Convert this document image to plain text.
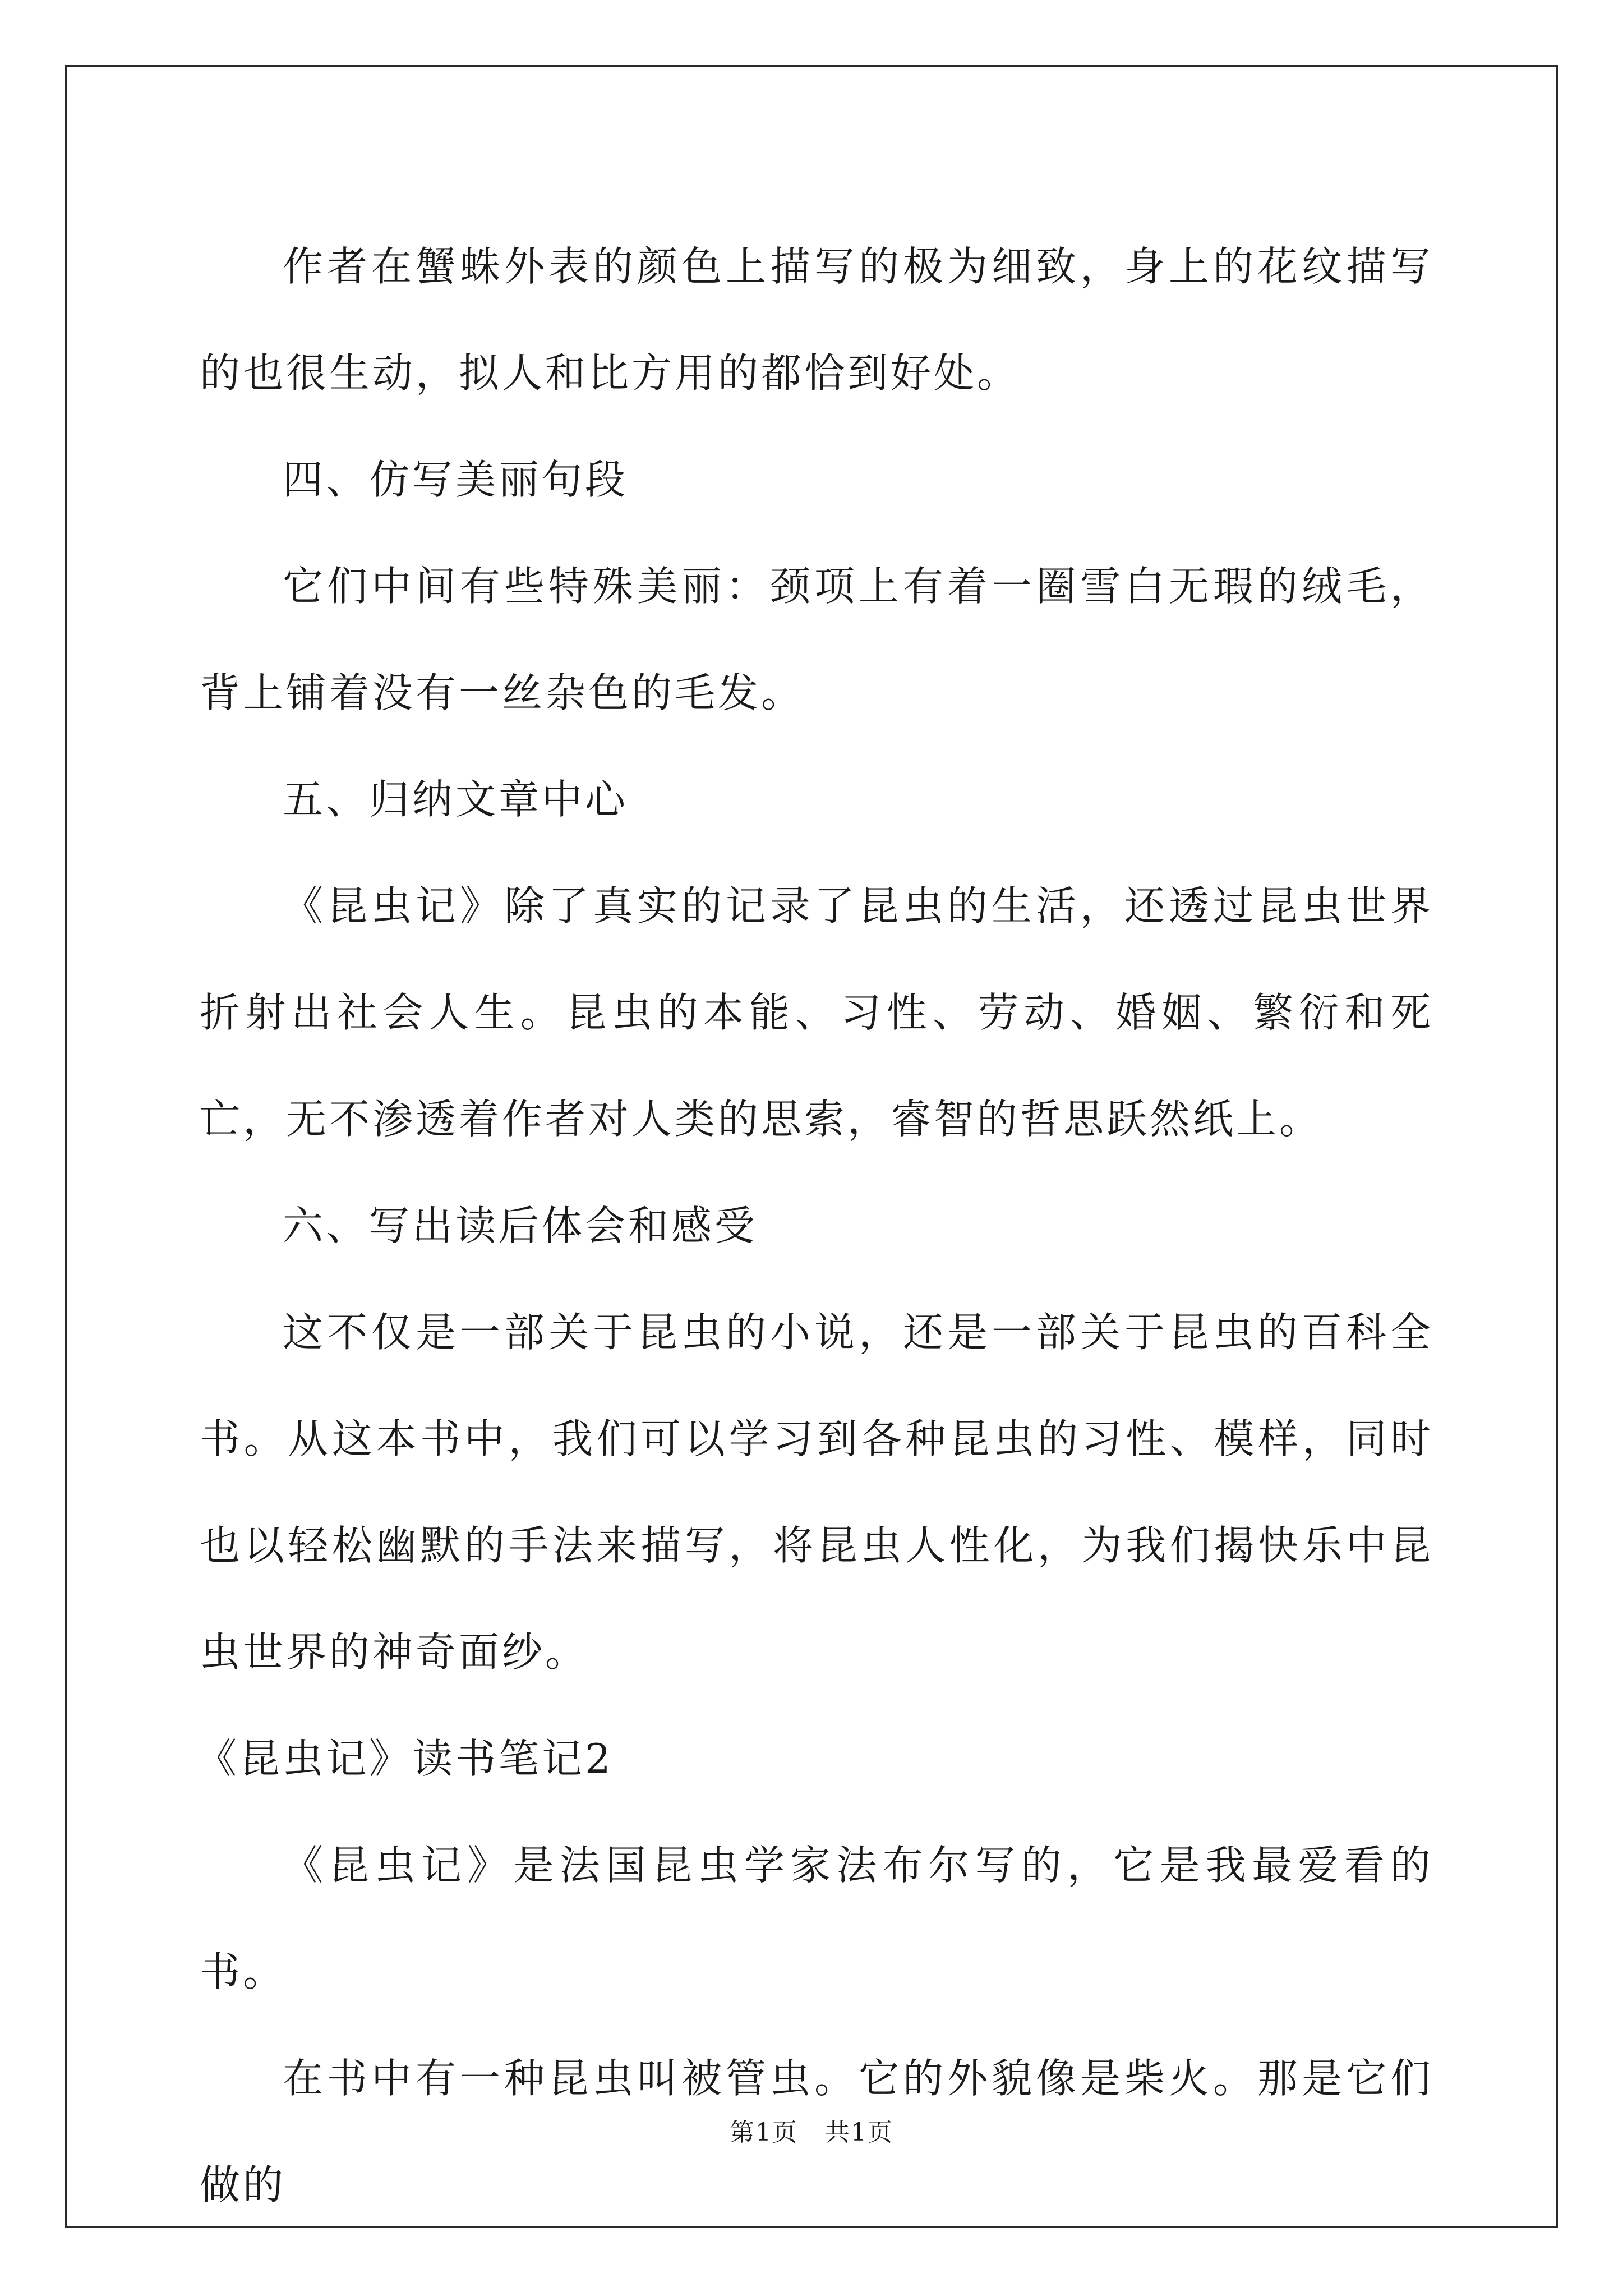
作者在蟹蛛外表的颜色上描写的极为细致，身上的花纹描写的也很生动，拟人和比方用的都恰到好处。

四、仿写美丽句段

它们中间有些特殊美丽：颈项上有着一圈雪白无瑕的绒毛，背上铺着没有一丝杂色的毛发。

五、归纳文章中心

《昆虫记》除了真实的记录了昆虫的生活，还透过昆虫世界折射出社会人生。昆虫的本能、习性、劳动、婚姻、繁衍和死亡，无不渗透着作者对人类的思索，睿智的哲思跃然纸上。

六、写出读后体会和感受

这不仅是一部关于昆虫的小说，还是一部关于昆虫的百科全书。从这本书中，我们可以学习到各种昆虫的习性、模样，同时也以轻松幽默的手法来描写，将昆虫人性化，为我们揭快乐中昆虫世界的神奇面纱。

《昆虫记》读书笔记2

《昆虫记》是法国昆虫学家法布尔写的，它是我最爱看的书。

在书中有一种昆虫叫被管虫。它的外貌像是柴火。那是它们做的

第1页   共1页
